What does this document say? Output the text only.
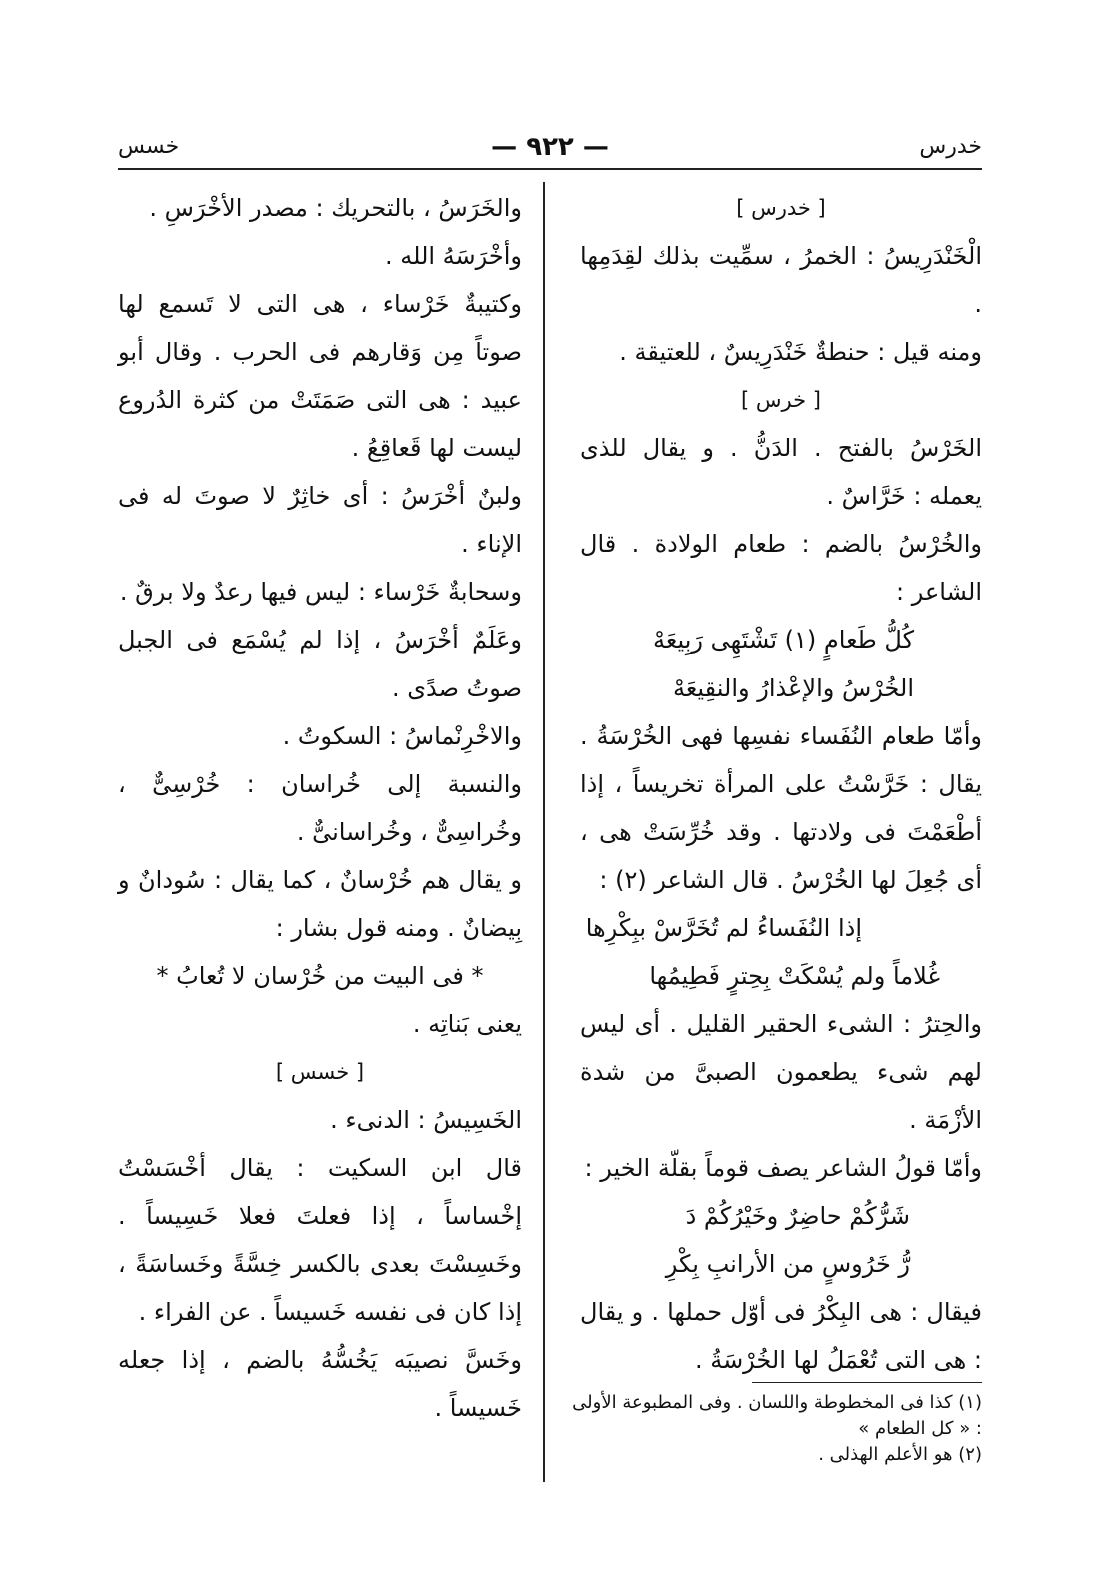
خدرس
— ٩٢٢ —
خسس

[ خدرس ]

الْخَنْدَرِيسُ : الخمرُ ، سمِّيت بذلك لقِدَمِها .

ومنه قيل : حنطةٌ خَنْدَرِيسٌ ، للعتيقة .

[ خرس ]

الخَرْسُ بالفتح . الدَنُّ . و يقال للذى يعمله : خَرَّاسٌ .

والخُرْسُ بالضم : طعام الولادة . قال الشاعر :

كُلُّ طَعامٍ (١) تَشْتَهِى رَبِيعَهْ

الخُرْسُ والإعْذارُ والنقِيعَهْ

وأمّا طعام النُفَساء نفسِها فهى الخُرْسَةُ . يقال : خَرَّسْتُ على المرأة تخريساً ، إذا أطْعَمْتَ فى ولادتها . وقد خُرِّسَتْ هى ، أى جُعِلَ لها الخُرْسُ . قال الشاعر (٢) :

إذا النُفَساءُ لم تُخَرَّسْ ببِكْرِها

غُلاماً ولم يُسْكَتْ بِحِترٍ فَطِيمُها

والحِترُ : الشىء الحقير القليل . أى ليس لهم شىء يطعمون الصبىَّ من شدة الأزْمَة .

وأمّا قولُ الشاعر يصف قوماً بقلّة الخير :

شَرُّكُمْ حاضِرٌ وخَيْرُكُمْ دَ

رُّ خَرُوسٍ من الأرانبِ بِكْرِ

فيقال : هى البِكْرُ فى أوّل حملها . و يقال : هى التى تُعْمَلُ لها الخُرْسَةُ .

والخَرَسُ ، بالتحريك : مصدر الأخْرَسِ .

وأخْرَسَهُ الله .

وكتيبةٌ خَرْساء ، هى التى لا تَسمع لها صوتاً مِن وَقارهم فى الحرب . وقال أبو عبيد : هى التى صَمَتَتْ من كثرة الدُروع ليست لها قَعاقِعُ .

ولبنٌ أخْرَسُ : أى خاثِرٌ لا صوتَ له فى الإناء .

وسحابةٌ خَرْساء : ليس فيها رعدٌ ولا برقٌ .

وعَلَمٌ أخْرَسُ ، إذا لم يُسْمَع فى الجبل صوتُ صدًى .

والاخْرِنْماسُ : السكوتُ .

والنسبة إلى خُراسان : خُرْسِىٌّ ، وخُراسِىٌّ ، وخُراسانىٌّ .

و يقال هم خُرْسانٌ ، كما يقال : سُودانٌ و بِيضانٌ . ومنه قول بشار :

* فى البيت من خُرْسان لا تُعابُ *

يعنى بَناتِه .

[ خسس ]

الخَسِيسُ : الدنىء .

قال ابن السكيت : يقال أخْسَسْتُ إخْساساً ، إذا فعلتَ فعلا خَسِيساً . وخَسِسْتَ بعدى بالكسر خِسَّةً وخَساسَةً ، إذا كان فى نفسه خَسيساً . عن الفراء .

وخَسَّ نصيبَه يَخُسُّهُ بالضم ، إذا جعله خَسيساً .	(١) كذا فى المخطوطة واللسان . وفى المطبوعة الأولى : « كل الطعام »

(٢) هو الأعلم الهذلى .
